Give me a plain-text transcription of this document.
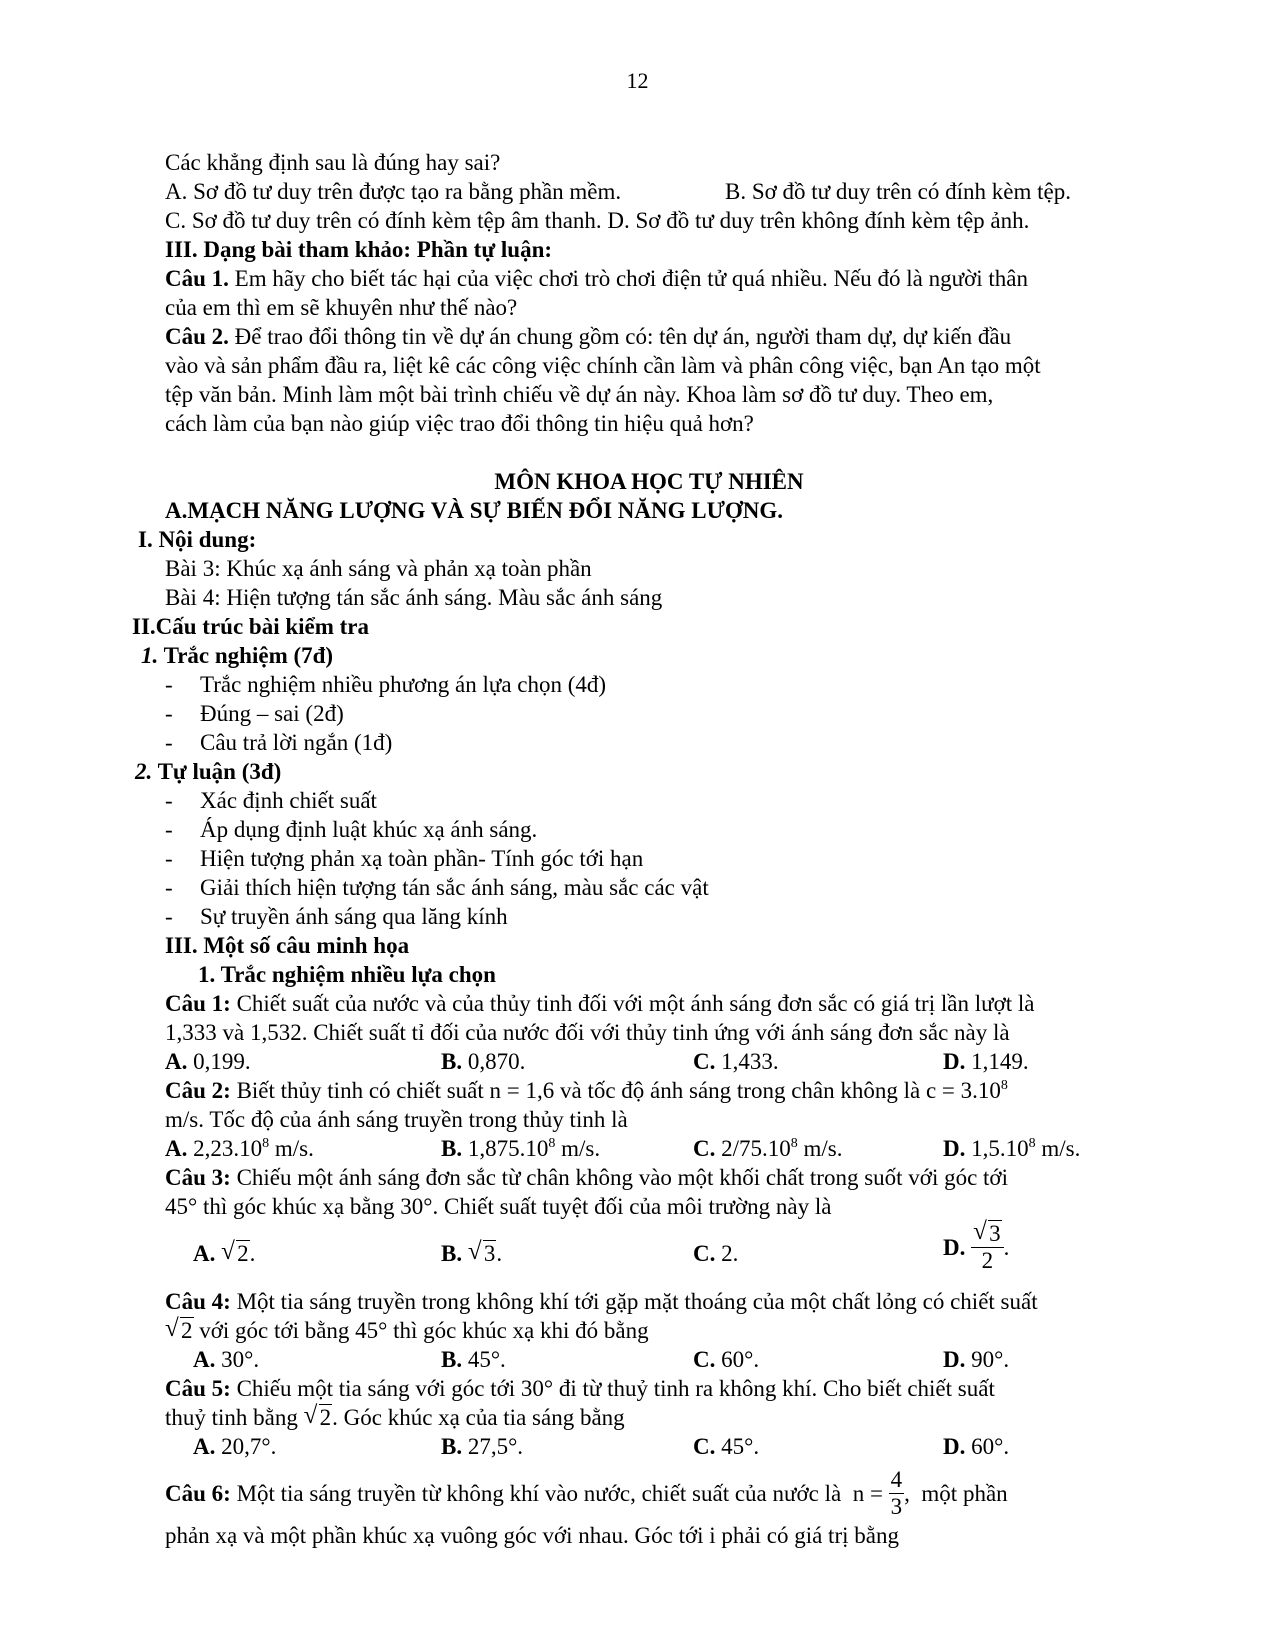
12
Các khẳng định sau là đúng hay sai?
A. Sơ đồ tư duy trên được tạo ra bằng phần mềm.	B. Sơ đồ tư duy trên có đính kèm tệp.
C. Sơ đồ tư duy trên có đính kèm tệp âm thanh. D. Sơ đồ tư duy trên không đính kèm tệp ảnh.
III. Dạng bài tham khảo: Phần tự luận:
Câu 1. Em hãy cho biết tác hại của việc chơi trò chơi điện tử quá nhiều. Nếu đó là người thân
của em thì em sẽ khuyên như thế nào?
Câu 2. Để trao đổi thông tin về dự án chung gồm có: tên dự án, người tham dự, dự kiến đầu
vào và sản phẩm đầu ra, liệt kê các công việc chính cần làm và phân công việc, bạn An tạo một
tệp văn bản. Minh làm một bài trình chiếu về dự án này. Khoa làm sơ đồ tư duy. Theo em,
cách làm của bạn nào giúp việc trao đổi thông tin hiệu quả hơn?
MÔN KHOA HỌC TỰ NHIÊN
A.MẠCH NĂNG LƯỢNG VÀ SỰ BIẾN ĐỔI NĂNG LƯỢNG.
I. Nội dung:
Bài 3: Khúc xạ ánh sáng và phản xạ toàn phần
Bài 4: Hiện tượng tán sắc ánh sáng. Màu sắc ánh sáng
II.Cấu trúc bài kiểm tra
1. Trắc nghiệm (7đ)
- Trắc nghiệm nhiều phương án lựa chọn (4đ)
- Đúng – sai (2đ)
- Câu trả lời ngắn (1đ)
2. Tự luận (3đ)
- Xác định chiết suất
- Áp dụng định luật khúc xạ ánh sáng.
- Hiện tượng phản xạ toàn phần- Tính góc tới hạn
- Giải thích hiện tượng tán sắc ánh sáng, màu sắc các vật
- Sự truyền ánh sáng qua lăng kính
III. Một số câu minh họa
1. Trắc nghiệm nhiều lựa chọn
Câu 1: Chiết suất của nước và của thủy tinh đối với một ánh sáng đơn sắc có giá trị lần lượt là
1,333 và 1,532. Chiết suất tỉ đối của nước đối với thủy tinh ứng với ánh sáng đơn sắc này là
A. 0,199.	B. 0,870.	C. 1,433.	D. 1,149.
Câu 2: Biết thủy tinh có chiết suất n = 1,6 và tốc độ ánh sáng trong chân không là $c = 3.10^8$
m/s. Tốc độ của ánh sáng truyền trong thủy tinh là
A. 2,23.10$^8$ m/s.	B. 1,875.10$^8$ m/s.	C. 2/75.10$^8$ m/s.	D. 1,5.10$^8$ m/s.
Câu 3: Chiếu một ánh sáng đơn sắc từ chân không vào một khối chất trong suốt với góc tới
45° thì góc khúc xạ bằng 30°. Chiết suất tuyệt đối của môi trường này là
A. √ 2.	B. √ 3.	C. 2.	D. √ $\frac{3}{2}$ .
Câu 4: Một tia sáng truyền trong không khí tới gặp mặt thoáng của một chất lỏng có chiết suất
√ 2 với góc tới bằng 45° thì góc khúc xạ khi đó bằng
A. 30°.	B. 45°.	C. 60°.	D. 90°.
Câu 5: Chiếu một tia sáng với góc tới 30° đi từ thuỷ tinh ra không khí. Cho biết chiết suất
thuỷ tinh bằng √ 2. Góc khúc xạ của tia sáng bằng
A. 20,7°.	B. 27,5°.	C. 45°.	D. 60°.
Câu 6: Một tia sáng truyền từ không khí vào nước, chiết suất của nước là  $n = \frac{4}{3}$ ,  một phần
phản xạ và một phần khúc xạ vuông góc với nhau. Góc tới i phải có giá trị bằng
